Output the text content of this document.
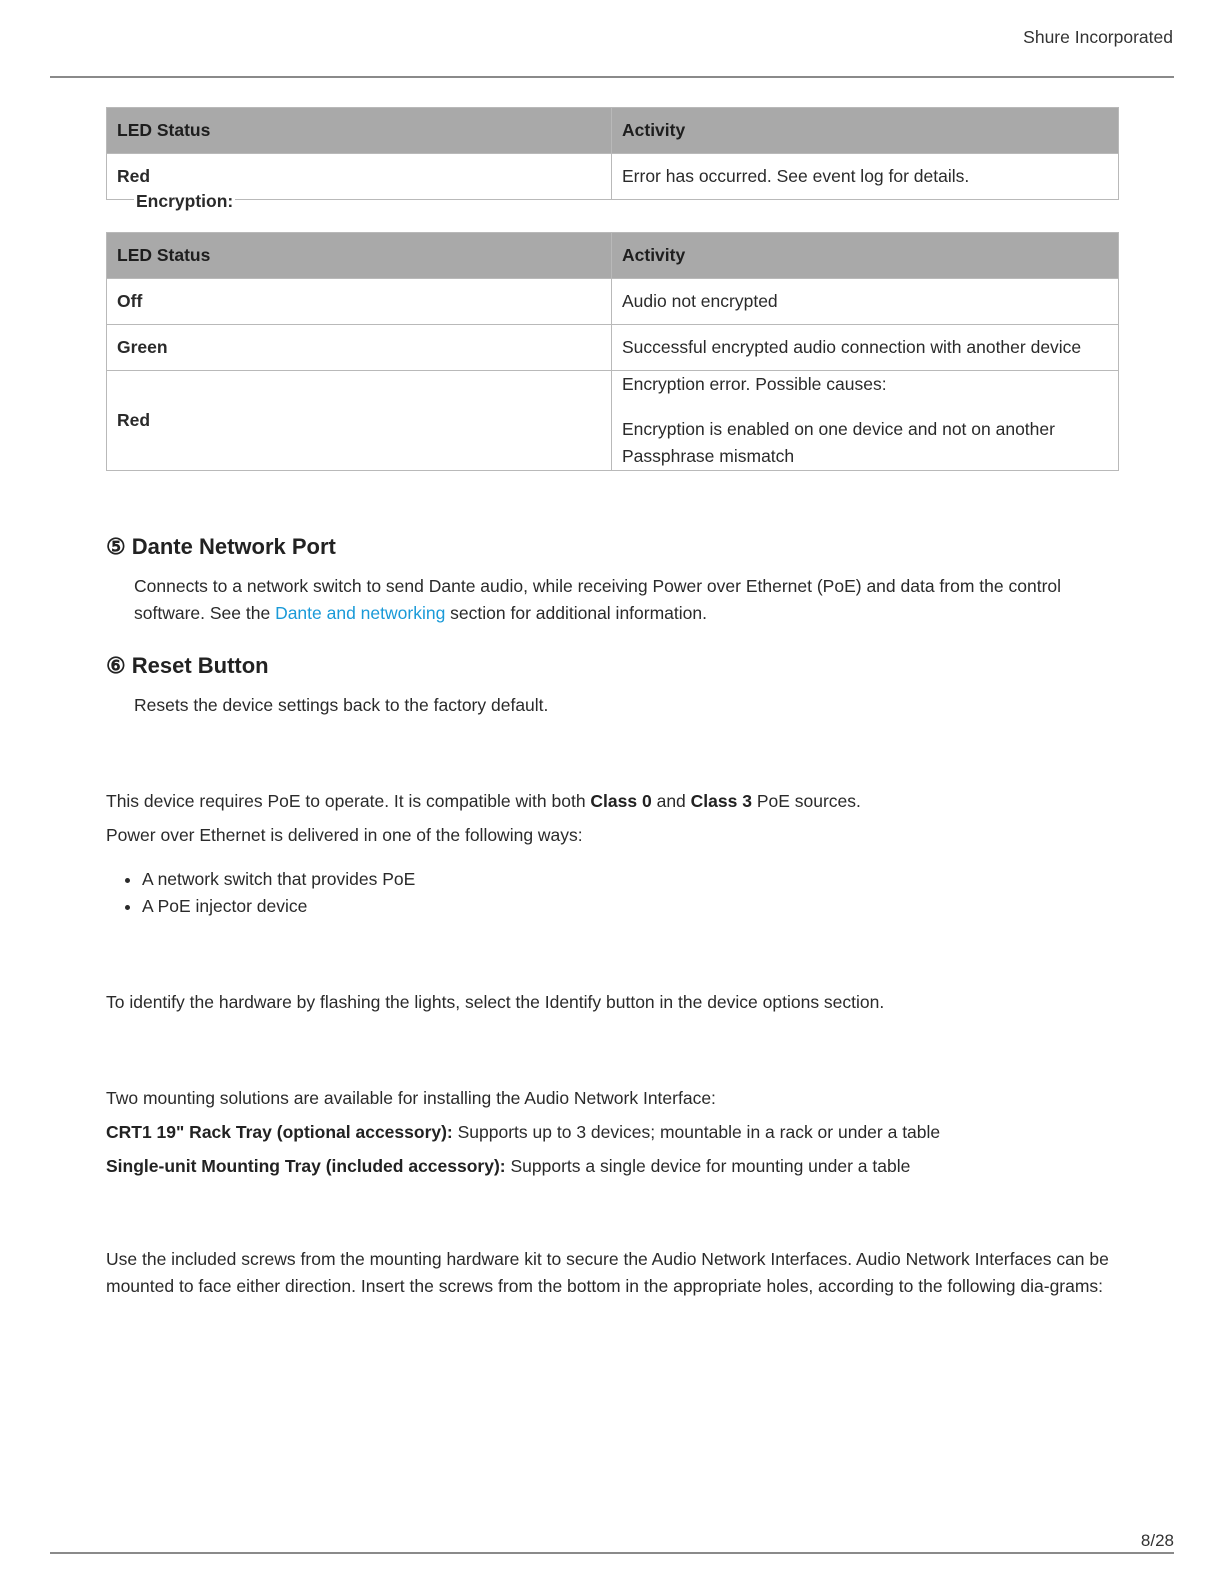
Shure Incorporated
LED Status	Activity
Red	Error has occurred. See event log for details.
Encryption:
LED Status	Activity
Off	Audio not encrypted
Green	Successful encrypted audio connection with another device
Red	Encryption error. Possible causes:

Encryption is enabled on one device and not on another

Passphrase mismatch

⑤ Dante Network Port
Connects to a network switch to send Dante audio, while receiving Power over Ethernet (PoE) and data from the control software. See the Dante and networking section for additional information.
⑥ Reset Button
Resets the device settings back to the factory default.
This device requires PoE to operate. It is compatible with both Class 0 and Class 3 PoE sources.
Power over Ethernet is delivered in one of the following ways:
• A network switch that provides PoE
• A PoE injector device
To identify the hardware by flashing the lights, select the Identify button in the device options section.
Two mounting solutions are available for installing the Audio Network Interface:
CRT1 19" Rack Tray (optional accessory): Supports up to 3 devices; mountable in a rack or under a table
Single-unit Mounting Tray (included accessory): Supports a single device for mounting under a table
Use the included screws from the mounting hardware kit to secure the Audio Network Interfaces. Audio Network Interfaces can be mounted to face either direction. Insert the screws from the bottom in the appropriate holes, according to the following dia-grams:
8/28
